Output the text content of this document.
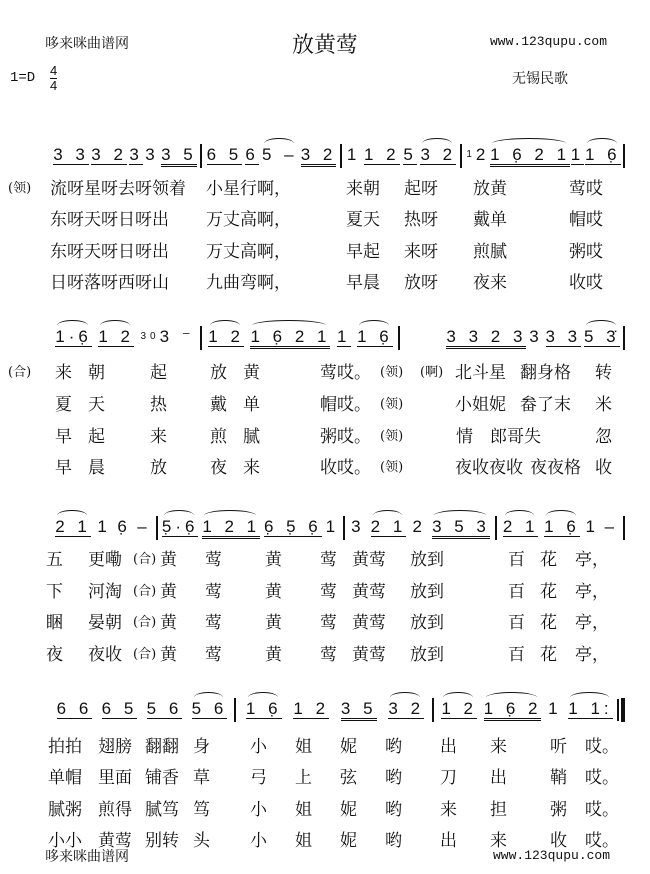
哆来咪曲谱网	放黄莺	www.123qupu.com
1=D 4
4	无锡民歌
3 3 3 2 3 3 3 5 6 5 6 5 – 3 2 1 1 2 5 3 2 $^1$2 1 6̣ 2 1 1 1 6̣
(领) 流呀星呀去呀领着 小星行啊，	来朝 起呀 放黄	莺哎
东呀天呀日呀出 万丈高啊，	夏天 热呀 戴单	帽哎
东呀天呀日呀出 万丈高啊，	早起 来呀 煎腻	粥哎
日呀落呀西呀山 九曲弯啊，	早晨 放呀 夜来	收哎
1·6̣ 1 2 $^{30}$3 ⁻ 1 2 1 6̣ 2 1 1 1 6̣	3 3 2 3 3 3 3 5 3̇
(合) 来 朝	起	放 黄	莺哎。 (领) (啊) 北斗星 翻身格 转
夏 天	热	戴 单	帽哎。 (领)	小姐妮 畚了末 米
早 起	来	煎 腻	粥哎。 (领)	情 郎哥失	忽
早 晨	放	夜 来	收哎。 (领)	夜收夜收 夜夜格 收
2 1 1 6̣ – 5̣·6̣ 1 2 1 6̣ 5̣ 6̣ 1 3 2 1 2 3 5 3 2 1 1 6̣ 1 –
五 更嘞 (合) 黄 莺	黄 莺 黄莺 放到	百 花 亭，
下 河淘 (合) 黄 莺	黄 莺 黄莺 放到	百 花 亭，
睏 晏朝 (合) 黄 莺	黄 莺 黄莺 放到	百 花 亭，
夜 夜收 (合) 黄 莺	黄 莺 黄莺 放到	百 花 亭，
6 6 6 5 5 6 5 6 1 6̣ 1 2 3 5 3 2 1 2 1 6̣ 2 1 1 1:
拍拍 翅膀 翻翻 身 小 姐 妮 哟 出 来	听 哎。
单帽 里面 铺香 草 弓 上 弦 哟 刀 出	鞘 哎。
腻粥 煎得 腻笃 笃 小 姐 妮 哟 来 担	粥 哎。
小小 黄莺 别转 头 小 姐 妮 哟 出 来	收 哎。
哆来咪曲谱网	www.123qupu.com
